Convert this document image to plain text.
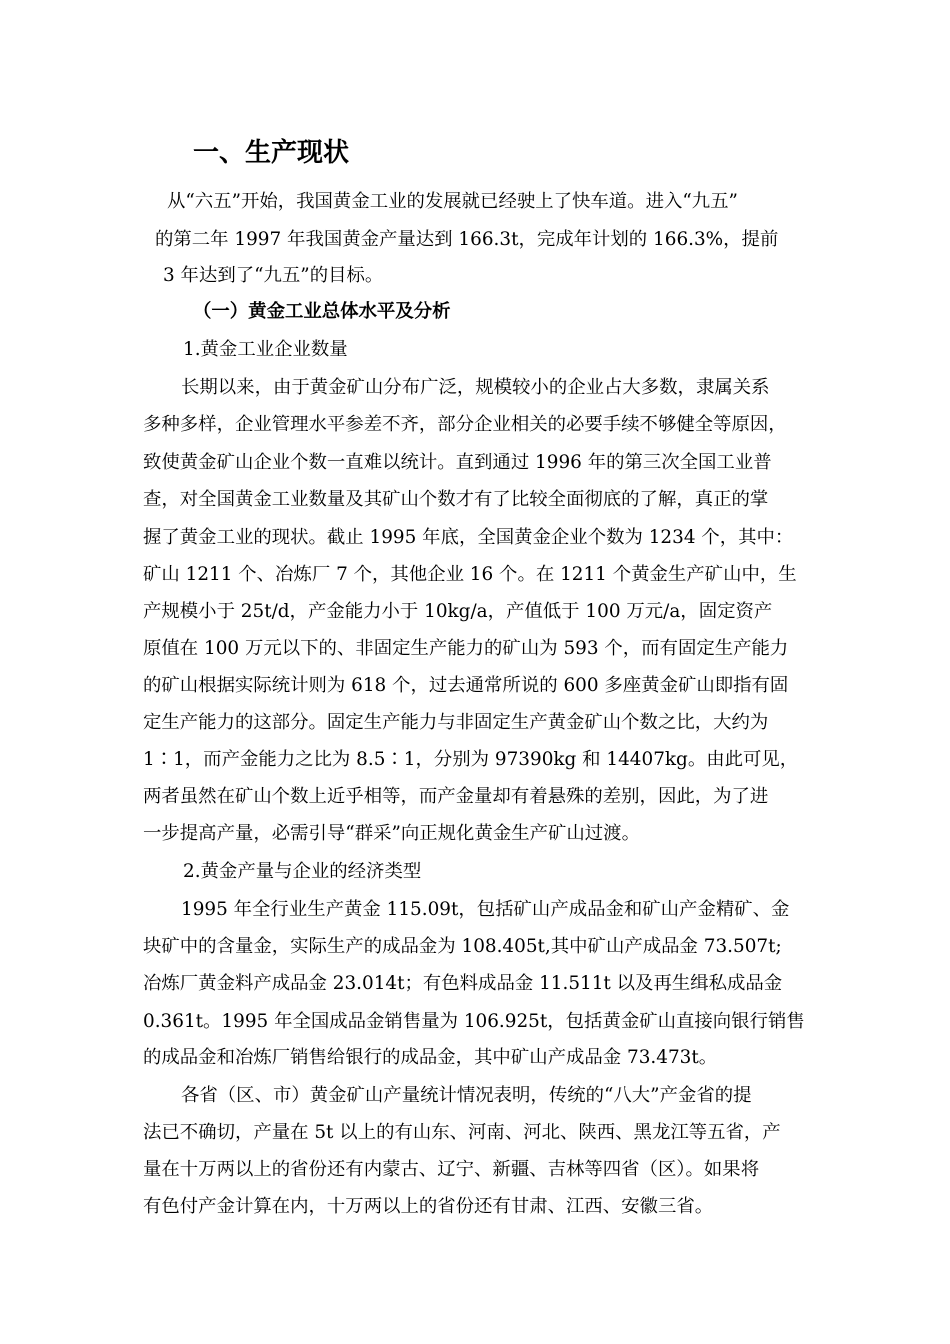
一、生产现状
从“六五”开始，我国黄金工业的发展就已经驶上了快车道。进入“九五”
的第二年 1997 年我国黄金产量达到 166.3t，完成年计划的 166.3%，提前
3 年达到了“九五”的目标。
（一）黄金工业总体水平及分析
1.黄金工业企业数量
长期以来，由于黄金矿山分布广泛，规模较小的企业占大多数，隶属关系
多种多样，企业管理水平参差不齐，部分企业相关的必要手续不够健全等原因，
致使黄金矿山企业个数一直难以统计。直到通过 1996 年的第三次全国工业普
查，对全国黄金工业数量及其矿山个数才有了比较全面彻底的了解，真正的掌
握了黄金工业的现状。截止 1995 年底，全国黄金企业个数为 1234 个，其中：
矿山 1211 个、冶炼厂 7 个，其他企业 16 个。在 1211 个黄金生产矿山中，生
产规模小于 25t/d，产金能力小于 10kg/a，产值低于 100 万元/a，固定资产
原值在 100 万元以下的、非固定生产能力的矿山为 593 个，而有固定生产能力
的矿山根据实际统计则为 618 个，过去通常所说的 600 多座黄金矿山即指有固
定生产能力的这部分。固定生产能力与非固定生产黄金矿山个数之比，大约为
1∶1，而产金能力之比为 8.5∶1，分别为 97390kg 和 14407kg。由此可见，
两者虽然在矿山个数上近乎相等，而产金量却有着悬殊的差别，因此，为了进
一步提高产量，必需引导“群采”向正规化黄金生产矿山过渡。
2.黄金产量与企业的经济类型
1995 年全行业生产黄金 115.09t，包括矿山产成品金和矿山产金精矿、金
块矿中的含量金，实际生产的成品金为 108.405t,其中矿山产成品金 73.507t;
冶炼厂黄金料产成品金 23.014t；有色料成品金 11.511t 以及再生缉私成品金
0.361t。1995 年全国成品金销售量为 106.925t，包括黄金矿山直接向银行销售
的成品金和冶炼厂销售给银行的成品金，其中矿山产成品金 73.473t。
各省（区、市）黄金矿山产量统计情况表明，传统的“八大”产金省的提
法已不确切，产量在 5t 以上的有山东、河南、河北、陕西、黑龙江等五省，产
量在十万两以上的省份还有内蒙古、辽宁、新疆、吉林等四省（区）。如果将
有色付产金计算在内，十万两以上的省份还有甘肃、江西、安徽三省。
